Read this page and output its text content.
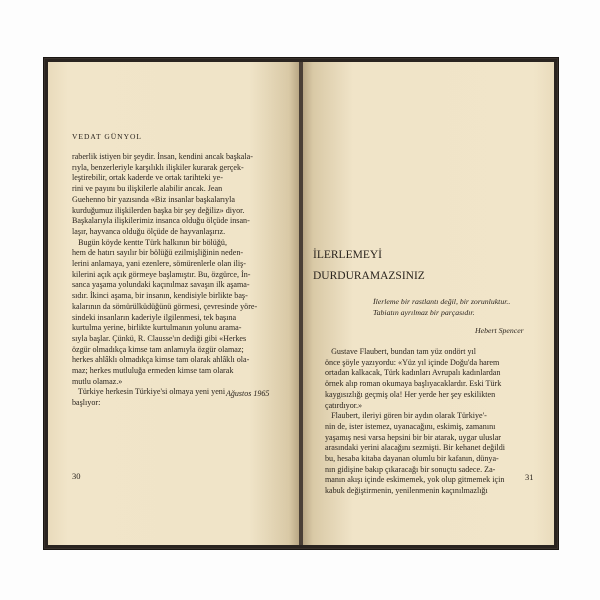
VEDAT GÜNYOL
raberlik istiyen bir şeydir. İnsan, kendini ancak başkala-
rıyla, benzerleriyle karşılıklı ilişkiler kurarak gerçek-
leştirebilir, ortak kaderde ve ortak tarihteki ye-
rini ve payını bu ilişkilerle alabilir ancak. Jean
Guehenno bir yazısında «Biz insanlar başkalarıyla
kurduğumuz ilişkilerden başka bir şey değiliz» diyor.
Başkalarıyla ilişkilerimiz insanca olduğu ölçüde insan-
laşır, hayvanca olduğu ölçüde de hayvanlaşırız.
Bugün köyde kentte Türk halkının bir bölüğü,
hem de hatırı sayılır bir bölüğü ezilmişliğinin neden-
lerini anlamaya, yani ezenlere, sömürenlerle olan iliş-
kilerini açık açık görmeye başlamıştır. Bu, özgürce, İn-
sanca yaşama yolundaki kaçınılmaz savaşın ilk aşama-
sıdır. İkinci aşama, bir insanın, kendisiyle birlikte baş-
kalarının da sömürülküdüğünü görmesi, çevresinde yöre-
sindeki insanların kaderiyle ilgilenmesi, tek başına
kurtulma yerine, birlikte kurtulmanın yolunu arama-
sıyla başlar. Çünkü, R. Clausse'ın dediği gibi «Herkes
özgür olmadıkça kimse tam anlamıyla özgür olamaz;
herkes ahlâklı olmadıkça kimse tam olarak ahlâklı ola-
maz; herkes mutluluğa ermeden kimse tam olarak
mutlu olamaz.»
Türkiye herkesin Türkiye'si olmaya yeni yeni
başlıyor:
Ağustos 1965
30
İLERLEMEYİ
DURDURAMAZSINIZ
İlerleme bir rastlantı değil, bir zorunluktur..
Tabiatın ayrılmaz bir parçasıdır.
Hebert Spencer
Gustave Flaubert, bundan tam yüz ondört yıl
önce şöyle yazıyordu: «Yüz yıl içinde Doğu'da harem
ortadan kalkacak, Türk kadınları Avrupalı kadınlardan
örnek alıp roman okumaya başlıyacaklardır. Eski Türk
kaygısızlığı geçmiş ola! Her yerde her şey eskilikten
çatırdıyor.»
Flaubert, ileriyi gören bir aydın olarak Türkiye'-
nin de, ister istemez, uyanacağını, eskimiş, zamanını
yaşamış nesi varsa hepsini bir bir atarak, uygar uluslar
arasındaki yerini alacağını sezmişti. Bir kehanet değildi
bu, hesaba kitaba dayanan olumlu bir kafanın, dünya-
nın gidişine bakıp çıkaracağı bir sonuçtu sadece. Za-
manın akışı içinde eskimemek, yok olup gitmemek için
kabuk değiştirmenin, yenilenmenin kaçınılmazlığı
31
